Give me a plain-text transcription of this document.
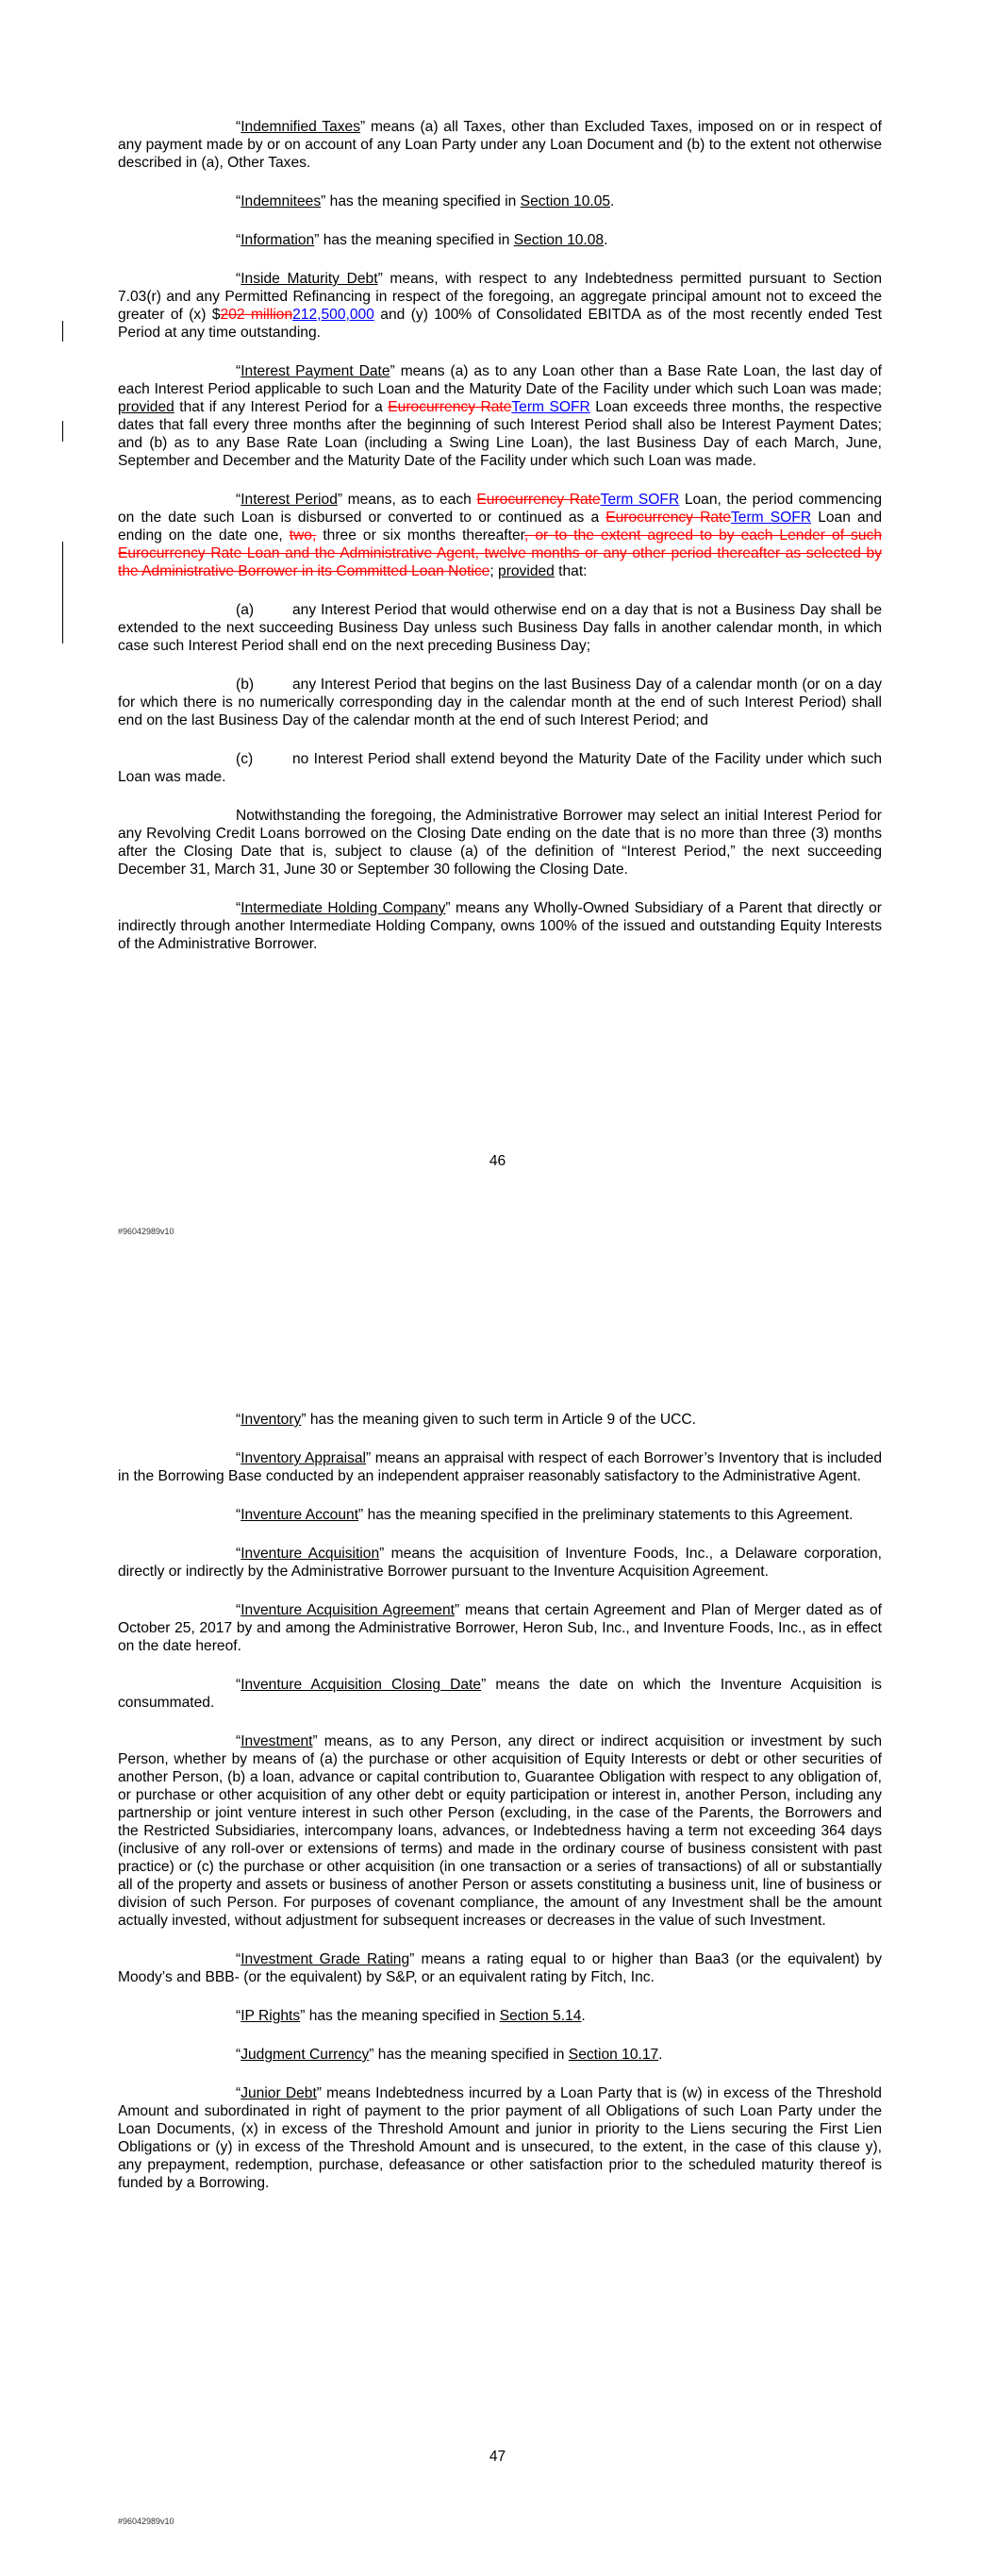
“Indemnified Taxes” means (a) all Taxes, other than Excluded Taxes, imposed on or in respect of any payment made by or on account of any Loan Party under any Loan Document and (b) to the extent not otherwise described in (a), Other Taxes.

“Indemnitees” has the meaning specified in Section 10.05.

“Information” has the meaning specified in Section 10.08.

“Inside Maturity Debt” means, with respect to any Indebtedness permitted pursuant to Section 7.03(r) and any Permitted Refinancing in respect of the foregoing, an aggregate principal amount not to exceed the greater of (x) $202 million212,500,000 and (y) 100% of Consolidated EBITDA as of the most recently ended Test Period at any time outstanding.

“Interest Payment Date” means (a) as to any Loan other than a Base Rate Loan, the last day of each Interest Period applicable to such Loan and the Maturity Date of the Facility under which such Loan was made; provided that if any Interest Period for a Eurocurrency RateTerm SOFR Loan exceeds three months, the respective dates that fall every three months after the beginning of such Interest Period shall also be Interest Payment Dates; and (b) as to any Base Rate Loan (including a Swing Line Loan), the last Business Day of each March, June, September and December and the Maturity Date of the Facility under which such Loan was made.

“Interest Period” means, as to each Eurocurrency RateTerm SOFR Loan, the period commencing on the date such Loan is disbursed or converted to or continued as a Eurocurrency RateTerm SOFR Loan and ending on the date one, two, three or six months thereafter, or to the extent agreed to by each Lender of such Eurocurrency Rate Loan and the Administrative Agent, twelve months or any other period thereafter as selected by the Administrative Borrower in its Committed Loan Notice; provided that:

(a)	any Interest Period that would otherwise end on a day that is not a Business Day shall be extended to the next succeeding Business Day unless such Business Day falls in another calendar month, in which case such Interest Period shall end on the next preceding Business Day;

(b)	any Interest Period that begins on the last Business Day of a calendar month (or on a day for which there is no numerically corresponding day in the calendar month at the end of such Interest Period) shall end on the last Business Day of the calendar month at the end of such Interest Period; and

(c)	no Interest Period shall extend beyond the Maturity Date of the Facility under which such Loan was made.

Notwithstanding the foregoing, the Administrative Borrower may select an initial Interest Period for any Revolving Credit Loans borrowed on the Closing Date ending on the date that is no more than three (3) months after the Closing Date that is, subject to clause (a) of the definition of “Interest Period,” the next succeeding December 31, March 31, June 30 or September 30 following the Closing Date.

“Intermediate Holding Company” means any Wholly-Owned Subsidiary of a Parent that directly or indirectly through another Intermediate Holding Company, owns 100% of the issued and outstanding Equity Interests of the Administrative Borrower.

46
#96042989v10

“Inventory” has the meaning given to such term in Article 9 of the UCC.

“Inventory Appraisal” means an appraisal with respect of each Borrower’s Inventory that is included in the Borrowing Base conducted by an independent appraiser reasonably satisfactory to the Administrative Agent.

“Inventure Account” has the meaning specified in the preliminary statements to this Agreement.

“Inventure Acquisition” means the acquisition of Inventure Foods, Inc., a Delaware corporation, directly or indirectly by the Administrative Borrower pursuant to the Inventure Acquisition Agreement.

“Inventure Acquisition Agreement” means that certain Agreement and Plan of Merger dated as of October 25, 2017 by and among the Administrative Borrower, Heron Sub, Inc., and Inventure Foods, Inc., as in effect on the date hereof.

“Inventure Acquisition Closing Date” means the date on which the Inventure Acquisition is consummated.

“Investment” means, as to any Person, any direct or indirect acquisition or investment by such Person, whether by means of (a) the purchase or other acquisition of Equity Interests or debt or other securities of another Person, (b) a loan, advance or capital contribution to, Guarantee Obligation with respect to any obligation of, or purchase or other acquisition of any other debt or equity participation or interest in, another Person, including any partnership or joint venture interest in such other Person (excluding, in the case of the Parents, the Borrowers and the Restricted Subsidiaries, intercompany loans, advances, or Indebtedness having a term not exceeding 364 days (inclusive of any roll-over or extensions of terms) and made in the ordinary course of business consistent with past practice) or (c) the purchase or other acquisition (in one transaction or a series of transactions) of all or substantially all of the property and assets or business of another Person or assets constituting a business unit, line of business or division of such Person. For purposes of covenant compliance, the amount of any Investment shall be the amount actually invested, without adjustment for subsequent increases or decreases in the value of such Investment.

“Investment Grade Rating” means a rating equal to or higher than Baa3 (or the equivalent) by Moody’s and BBB- (or the equivalent) by S&P, or an equivalent rating by Fitch, Inc.

“IP Rights” has the meaning specified in Section 5.14.

“Judgment Currency” has the meaning specified in Section 10.17.

“Junior Debt” means Indebtedness incurred by a Loan Party that is (w) in excess of the Threshold Amount and subordinated in right of payment to the prior payment of all Obligations of such Loan Party under the Loan Documents, (x) in excess of the Threshold Amount and junior in priority to the Liens securing the First Lien Obligations or (y) in excess of the Threshold Amount and is unsecured, to the extent, in the case of this clause y), any prepayment, redemption, purchase, defeasance or other satisfaction prior to the scheduled maturity thereof is funded by a Borrowing.

47
#96042989v10
